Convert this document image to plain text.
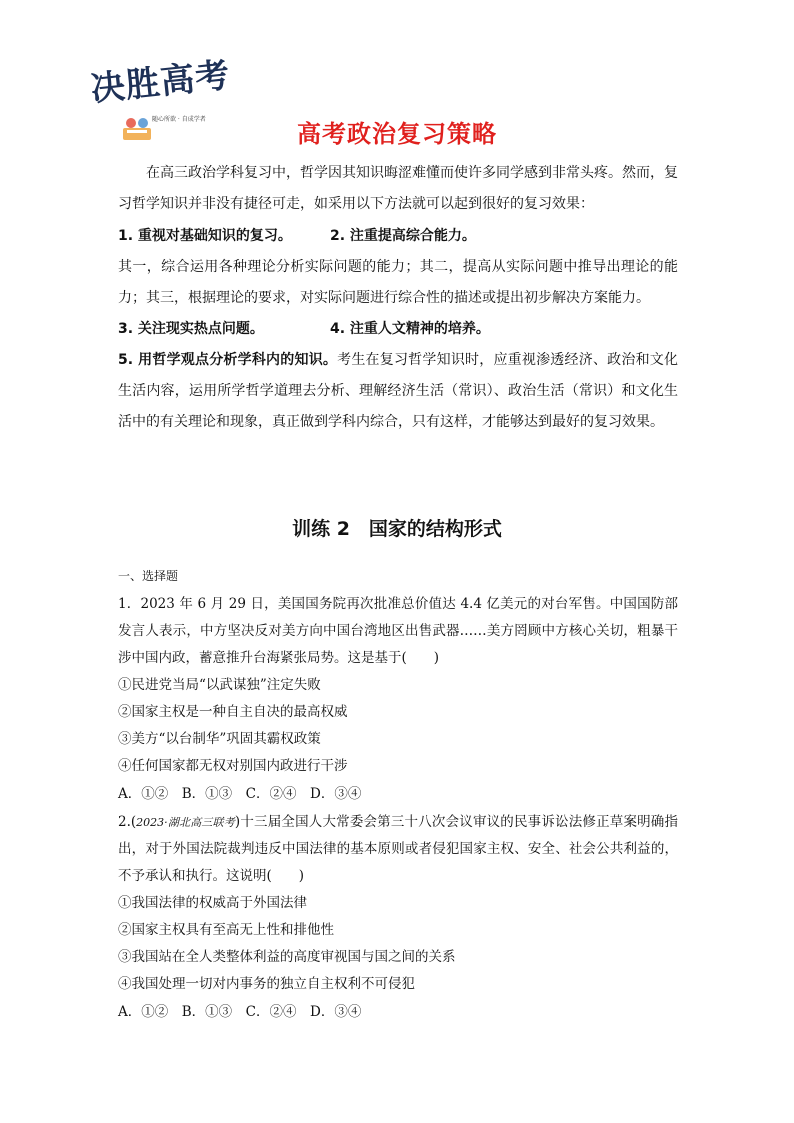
决胜高考
随心所欲 · 自成学者
高考政治复习策略
在高三政治学科复习中，哲学因其知识晦涩难懂而使许多同学感到非常头疼。然而，复习哲学知识并非没有捷径可走，如采用以下方法就可以起到很好的复习效果：
1. 重视对基础知识的复习。	2. 注重提高综合能力。
其一，综合运用各种理论分析实际问题的能力；其二，提高从实际问题中推导出理论的能力；其三，根据理论的要求，对实际问题进行综合性的描述或提出初步解决方案能力。
3. 关注现实热点问题。	4. 注重人文精神的培养。
5. 用哲学观点分析学科内的知识。考生在复习哲学知识时，应重视渗透经济、政治和文化生活内容，运用所学哲学道理去分析、理解经济生活（常识）、政治生活（常识）和文化生活中的有关理论和现象，真正做到学科内综合，只有这样，才能够达到最好的复习效果。
训练 2　国家的结构形式
一、选择题
1．2023 年 6 月 29 日，美国国务院再次批准总价值达 4.4 亿美元的对台军售。中国国防部发言人表示，中方坚决反对美方向中国台湾地区出售武器……美方罔顾中方核心关切，粗暴干涉中国内政，蓄意推升台海紧张局势。这是基于(　　)
①民进党当局“以武谋独”注定失败
②国家主权是一种自主自决的最高权威
③美方“以台制华”巩固其霸权政策
④任何国家都无权对别国内政进行干涉
A．①②　B．①③　C．②④　D．③④
2.(2023·湖北高三联考)十三届全国人大常委会第三十八次会议审议的民事诉讼法修正草案明确指出，对于外国法院裁判违反中国法律的基本原则或者侵犯国家主权、安全、社会公共利益的，不予承认和执行。这说明(　　)
①我国法律的权威高于外国法律
②国家主权具有至高无上性和排他性
③我国站在全人类整体利益的高度审视国与国之间的关系
④我国处理一切对内事务的独立自主权利不可侵犯
A．①②　B．①③　C．②④　D．③④
